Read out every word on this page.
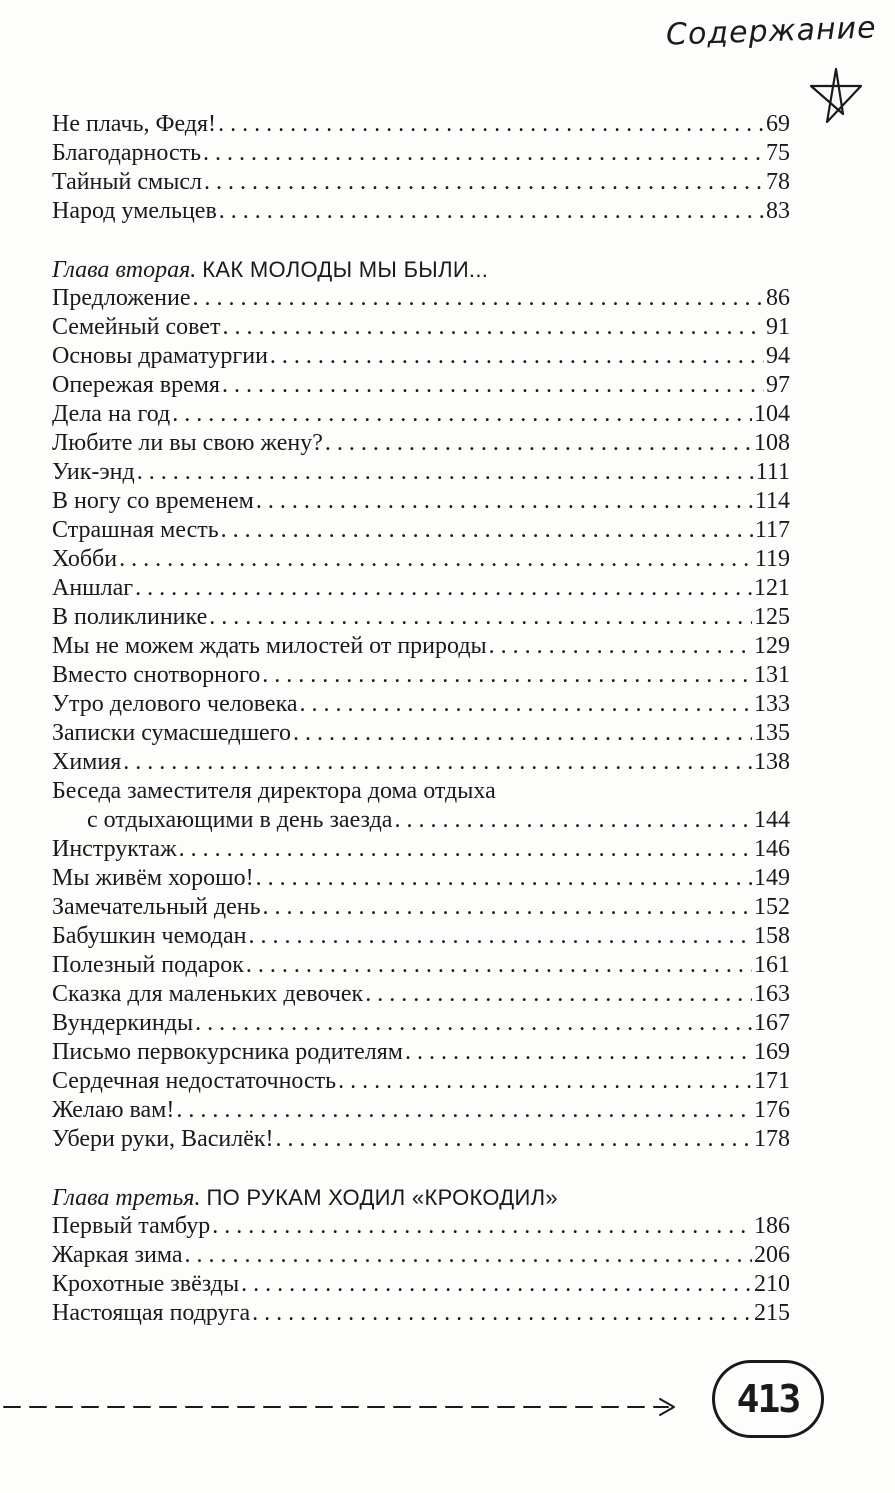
Содержание
Не плачь, Федя! . . .	69
Благодарность . . .	75
Тайный смысл . . .	78
Народ умельцев . . .	83
Глава вторая. КАК МОЛОДЫ МЫ БЫЛИ...
Предложение . . .	86
Семейный совет . . .	91
Основы драматургии . . .	94
Опережая время . . .	97
Дела на год . . .	104
Любите ли вы свою жену? . . .	108
Уик-энд . . .	111
В ногу со временем . . .	114
Страшная месть . . .	117
Хобби . . .	119
Аншлаг . . .	121
В поликлинике . . .	125
Мы не можем ждать милостей от природы . . .	129
Вместо снотворного . . .	131
Утро делового человека . . .	133
Записки сумасшедшего . . .	135
Химия . . .	138
Беседа заместителя директора дома отдыха
с отдыхающими в день заезда . . .	144
Инструктаж . . .	146
Мы живём хорошо! . . .	149
Замечательный день . . .	152
Бабушкин чемодан . . .	158
Полезный подарок . . .	161
Сказка для маленьких девочек . . .	163
Вундеркинды . . .	167
Письмо первокурсника родителям . . .	169
Сердечная недостаточность . . .	171
Желаю вам! . . .	176
Убери руки, Василёк! . . .	178
Глава третья. ПО РУКАМ ХОДИЛ «КРОКОДИЛ»
Первый тамбур . . .	186
Жаркая зима . . .	206
Крохотные звёзды . . .	210
Настоящая подруга . . .	215
413
